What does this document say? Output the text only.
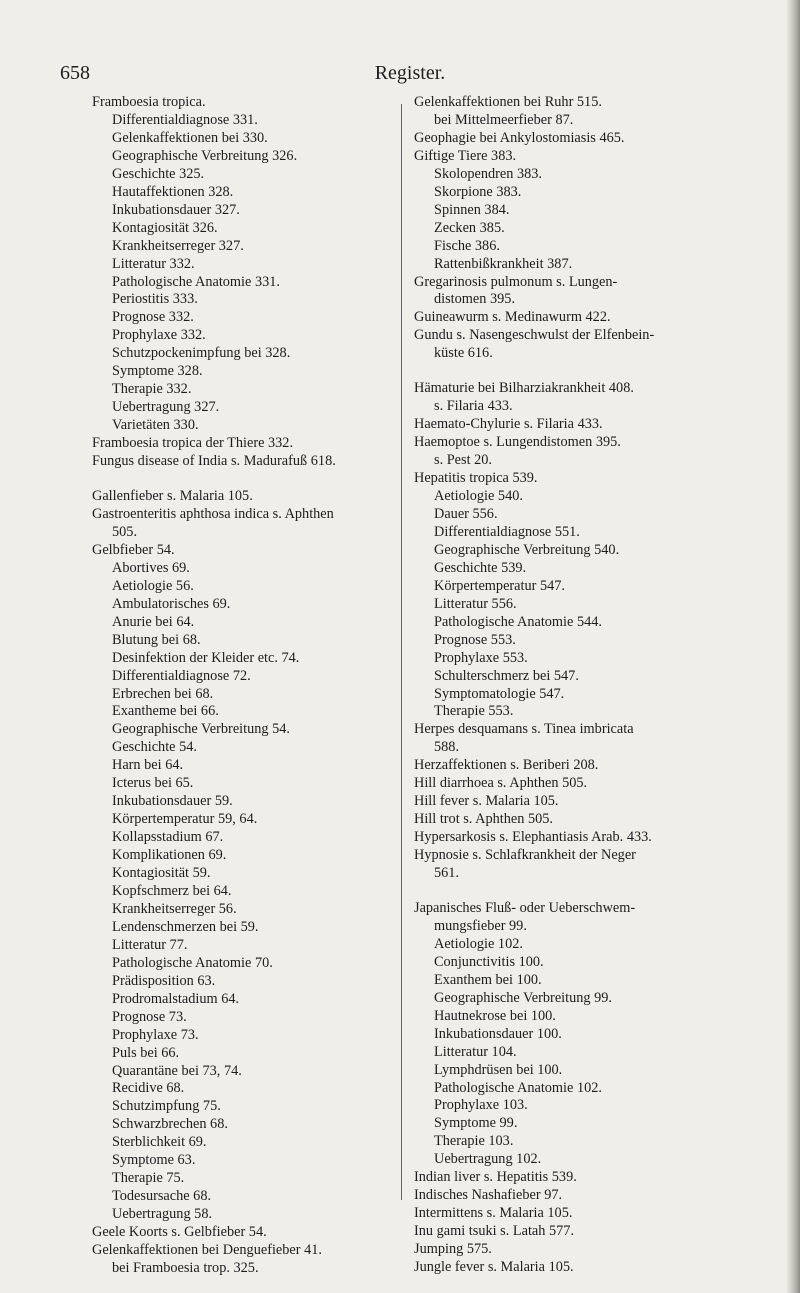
658	Register.
Framboesia tropica.
Differentialdiagnose 331.
Gelenkaffektionen bei 330.
Geographische Verbreitung 326.
Geschichte 325.
Hautaffektionen 328.
Inkubationsdauer 327.
Kontagiosität 326.
Krankheitserreger 327.
Litteratur 332.
Pathologische Anatomie 331.
Periostitis 333.
Prognose 332.
Prophylaxe 332.
Schutzpockenimpfung bei 328.
Symptome 328.
Therapie 332.
Uebertragung 327.
Varietäten 330.
Framboesia tropica der Thiere 332.
Fungus disease of India s. Madurafuß 618.
Gallenfieber s. Malaria 105.
Gastroenteritis aphthosa indica s. Aphthen
505.
Gelbfieber 54.
Abortives 69.
Aetiologie 56.
Ambulatorisches 69.
Anurie bei 64.
Blutung bei 68.
Desinfektion der Kleider etc. 74.
Differentialdiagnose 72.
Erbrechen bei 68.
Exantheme bei 66.
Geographische Verbreitung 54.
Geschichte 54.
Harn bei 64.
Icterus bei 65.
Inkubationsdauer 59.
Körpertemperatur 59, 64.
Kollapsstadium 67.
Komplikationen 69.
Kontagiosität 59.
Kopfschmerz bei 64.
Krankheitserreger 56.
Lendenschmerzen bei 59.
Litteratur 77.
Pathologische Anatomie 70.
Prädisposition 63.
Prodromalstadium 64.
Prognose 73.
Prophylaxe 73.
Puls bei 66.
Quarantäne bei 73, 74.
Recidive 68.
Schutzimpfung 75.
Schwarzbrechen 68.
Sterblichkeit 69.
Symptome 63.
Therapie 75.
Todesursache 68.
Uebertragung 58.
Geele Koorts s. Gelbfieber 54.
Gelenkaffektionen bei Denguefieber 41.
bei Framboesia trop. 325.
Gelenkaffektionen bei Ruhr 515.
bei Mittelmeerfieber 87.
Geophagie bei Ankylostomiasis 465.
Giftige Tiere 383.
Skolopendren 383.
Skorpione 383.
Spinnen 384.
Zecken 385.
Fische 386.
Rattenbißkrankheit 387.
Gregarinosis pulmonum s. Lungen-
distomen 395.
Guineawurm s. Medinawurm 422.
Gundu s. Nasengeschwulst der Elfenbein-
küste 616.
Hämaturie bei Bilharziakrankheit 408.
s. Filaria 433.
Haemato-Chylurie s. Filaria 433.
Haemoptoe s. Lungendistomen 395.
s. Pest 20.
Hepatitis tropica 539.
Aetiologie 540.
Dauer 556.
Differentialdiagnose 551.
Geographische Verbreitung 540.
Geschichte 539.
Körpertemperatur 547.
Litteratur 556.
Pathologische Anatomie 544.
Prognose 553.
Prophylaxe 553.
Schulterschmerz bei 547.
Symptomatologie 547.
Therapie 553.
Herpes desquamans s. Tinea imbricata
588.
Herzaffektionen s. Beriberi 208.
Hill diarrhoea s. Aphthen 505.
Hill fever s. Malaria 105.
Hill trot s. Aphthen 505.
Hypersarkosis s. Elephantiasis Arab. 433.
Hypnosie s. Schlafkrankheit der Neger
561.
Japanisches Fluß- oder Ueberschwem-
mungsfieber 99.
Aetiologie 102.
Conjunctivitis 100.
Exanthem bei 100.
Geographische Verbreitung 99.
Hautnekrose bei 100.
Inkubationsdauer 100.
Litteratur 104.
Lymphdrüsen bei 100.
Pathologische Anatomie 102.
Prophylaxe 103.
Symptome 99.
Therapie 103.
Uebertragung 102.
Indian liver s. Hepatitis 539.
Indisches Nashafieber 97.
Intermittens s. Malaria 105.
Inu gami tsuki s. Latah 577.
Jumping 575.
Jungle fever s. Malaria 105.
